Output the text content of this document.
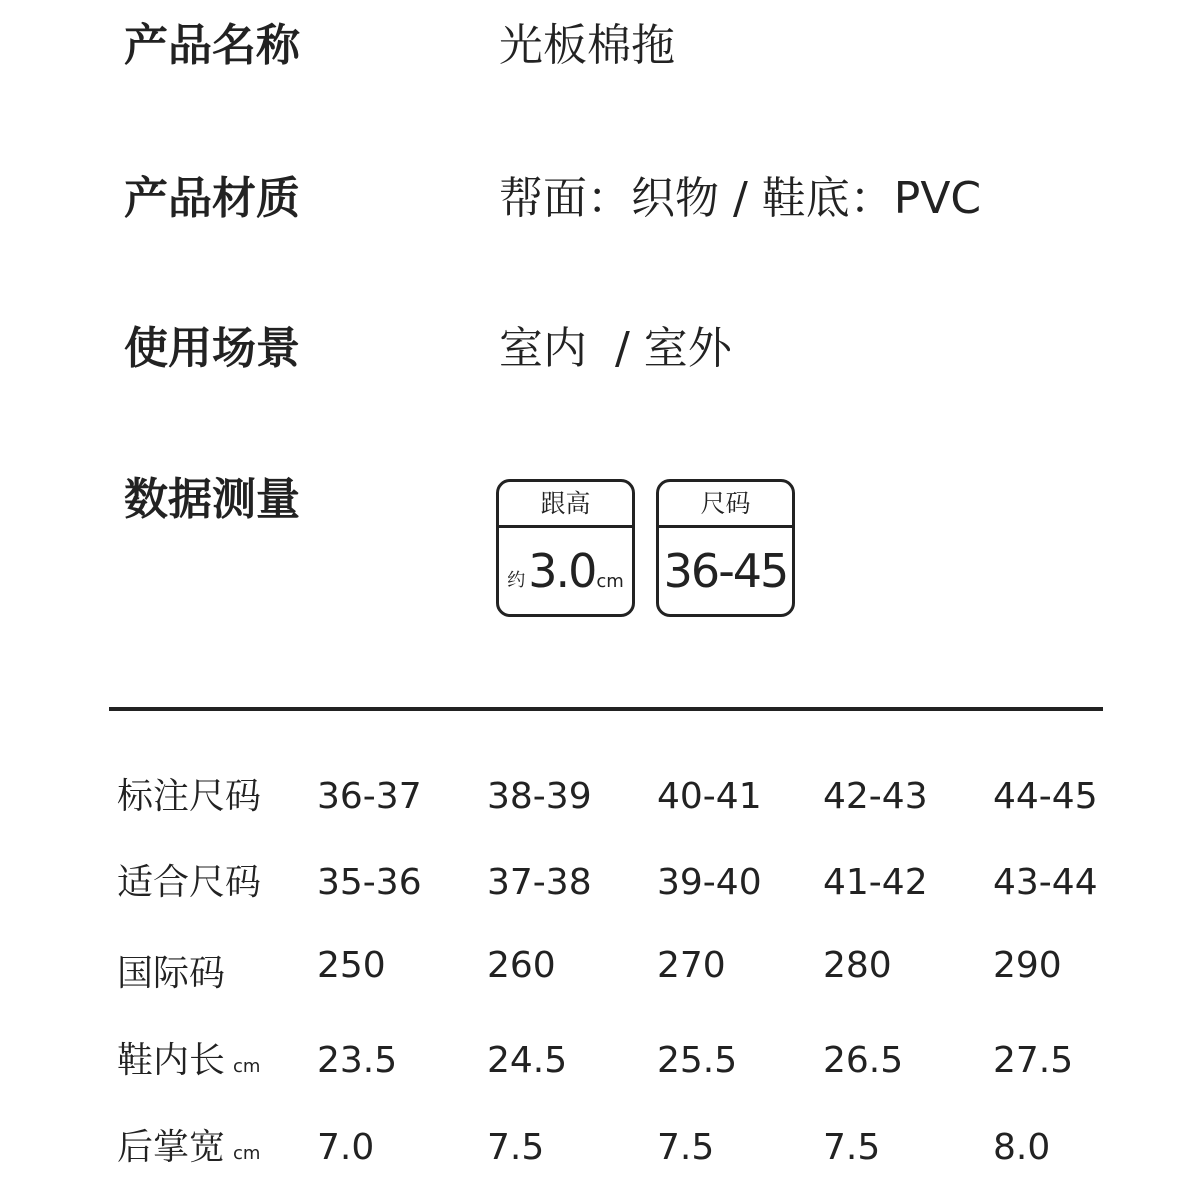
产品名称	光板棉拖
产品材质	帮面：织物 / 鞋底：PVC
使用场景	室内  / 室外
数据测量	跟高
约 3.0 cm
尺码
36-45
标注尺码 36-37 38-39 40-41 42-43 44-45
适合尺码 35-36 37-38 39-40 41-42 43-44
国际码	250	260	270	280	290
鞋内长 cm 23.5 24.5 25.5 26.5 27.5
后掌宽 cm 7.0	7.5	7.5	7.5	8.0
